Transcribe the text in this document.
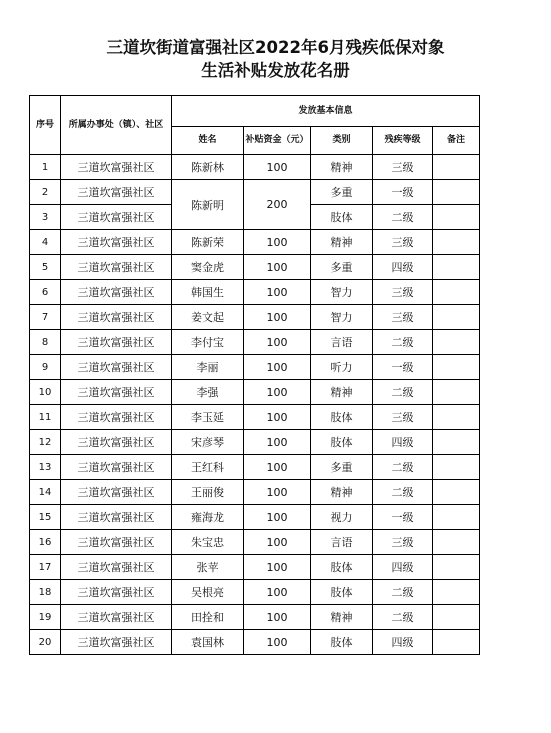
三道坎街道富强社区2022年6月残疾低保对象
生活补贴发放花名册
序号	所属办事处（镇）、社区	发放基本信息				
		姓名	补贴资金（元）	类别	残疾等级	备注
1	三道坎富强社区	陈新林	100	精神	三级	
2	三道坎富强社区	陈新明	200	多重	一级	
3	三道坎富强社区			肢体	二级	
4	三道坎富强社区	陈新荣	100	精神	三级	
5	三道坎富强社区	窦金虎	100	多重	四级	
6	三道坎富强社区	韩国生	100	智力	三级	
7	三道坎富强社区	姜文起	100	智力	三级	
8	三道坎富强社区	李付宝	100	言语	二级	
9	三道坎富强社区	李丽	100	听力	一级	
10	三道坎富强社区	李强	100	精神	二级	
11	三道坎富强社区	李玉延	100	肢体	三级	
12	三道坎富强社区	宋彦琴	100	肢体	四级	
13	三道坎富强社区	王红科	100	多重	二级	
14	三道坎富强社区	王丽俊	100	精神	二级	
15	三道坎富强社区	雍海龙	100	视力	一级	
16	三道坎富强社区	朱宝忠	100	言语	三级	
17	三道坎富强社区	张苹	100	肢体	四级	
18	三道坎富强社区	吴根亮	100	肢体	二级	
19	三道坎富强社区	田拴和	100	精神	二级	
20	三道坎富强社区	袁国林	100	肢体	四级	
